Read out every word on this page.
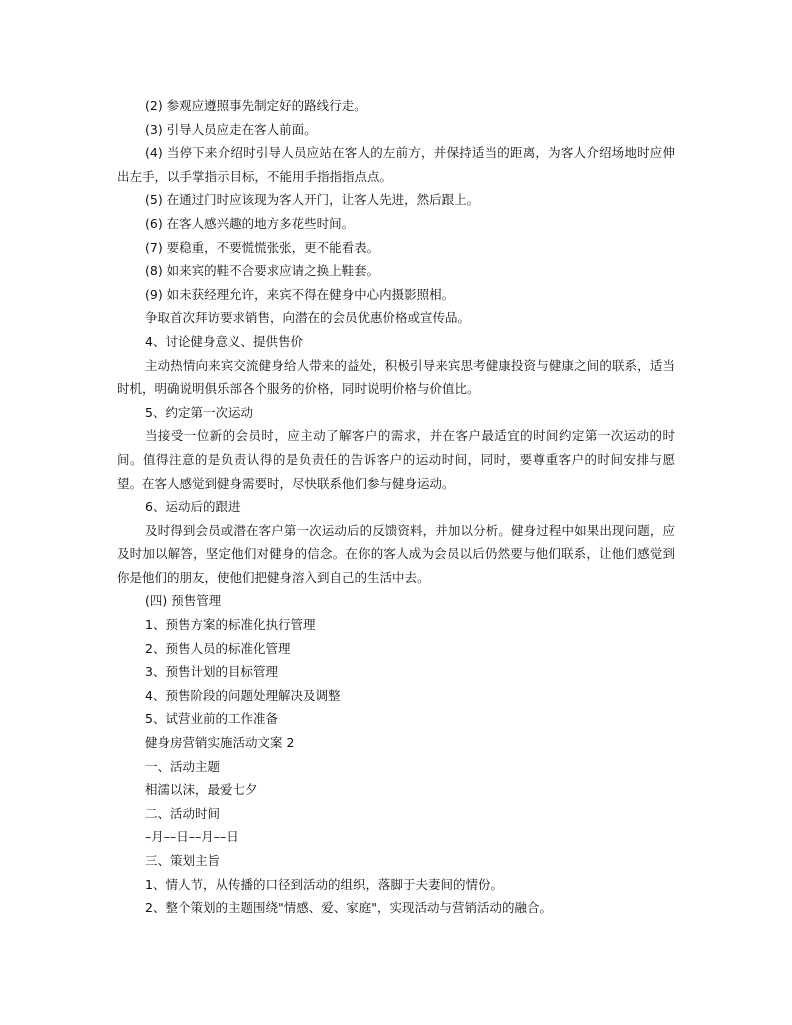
(2) 参观应遵照事先制定好的路线行走。

(3) 引导人员应走在客人前面。

(4) 当停下来介绍时引导人员应站在客人的左前方，并保持适当的距离，为客人介绍场地时应伸出左手，以手掌指示目标，不能用手指指指点点。

(5) 在通过门时应该现为客人开门，让客人先进，然后跟上。

(6) 在客人感兴趣的地方多花些时间。

(7) 要稳重，不要慌慌张张，更不能看表。

(8) 如来宾的鞋不合要求应请之换上鞋套。

(9) 如未获经理允许，来宾不得在健身中心内摄影照相。

争取首次拜访要求销售，向潜在的会员优惠价格或宣传品。

4、讨论健身意义、提供售价

主动热情向来宾交流健身给人带来的益处，积极引导来宾思考健康投资与健康之间的联系，适当时机，明确说明俱乐部各个服务的价格，同时说明价格与价值比。

5、约定第一次运动

当接受一位新的会员时，应主动了解客户的需求，并在客户最适宜的时间约定第一次运动的时间。值得注意的是负责认得的是负责任的告诉客户的运动时间，同时，要尊重客户的时间安排与愿望。在客人感觉到健身需要时，尽快联系他们参与健身运动。

6、运动后的跟进

及时得到会员或潜在客户第一次运动后的反馈资料，并加以分析。健身过程中如果出现问题，应及时加以解答，坚定他们对健身的信念。在你的客人成为会员以后仍然要与他们联系，让他们感觉到你是他们的朋友，使他们把健身溶入到自己的生活中去。

(四) 预售管理

1、预售方案的标准化执行管理

2、预售人员的标准化管理

3、预售计划的目标管理

4、预售阶段的问题处理解决及调整

5、试营业前的工作准备

健身房营销实施活动文案 2

一、活动主题

相濡以沫，最爱七夕

二、活动时间

–月––日––月––日

三、策划主旨

1、情人节，从传播的口径到活动的组织，落脚于夫妻间的情份。

2、整个策划的主题围绕"情感、爱、家庭"，实现活动与营销活动的融合。
